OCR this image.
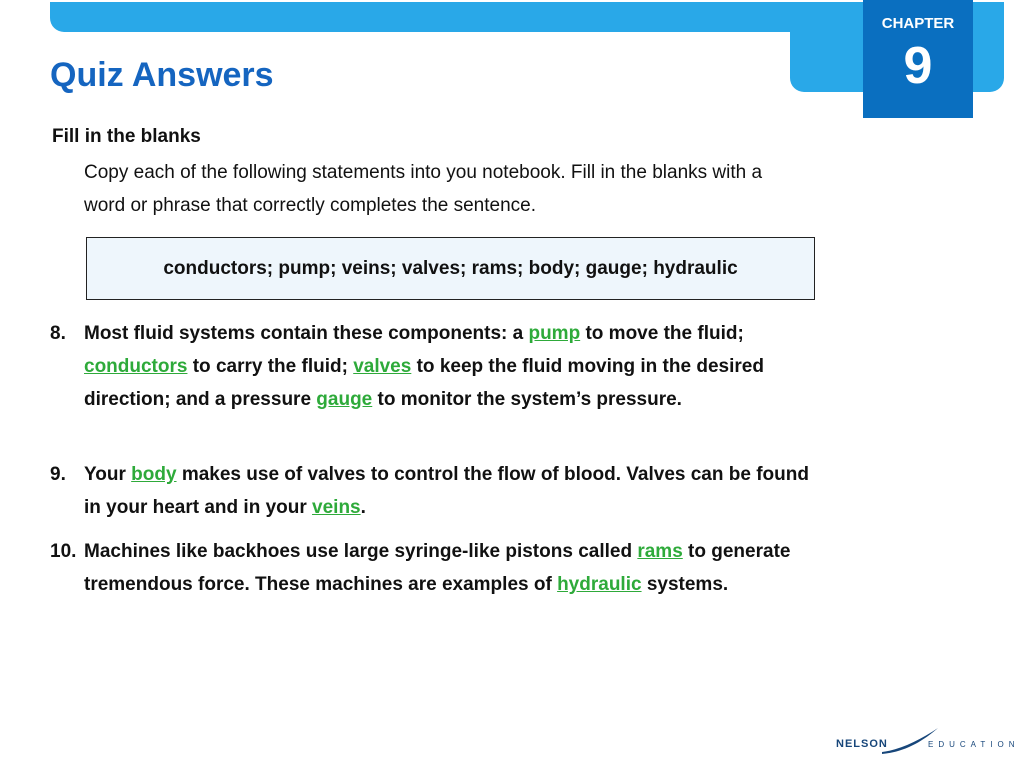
CHAPTER
9
Quiz Answers
Fill in the blanks
Copy each of the following statements into you notebook. Fill in the blanks with a word or phrase that correctly completes the sentence.
conductors; pump; veins; valves; rams; body; gauge; hydraulic
8. Most fluid systems contain these components: a pump to move the fluid; conductors to carry the fluid; valves to keep the fluid moving in the desired direction; and a pressure gauge to monitor the system’s pressure.
9. Your body makes use of valves to control the flow of blood. Valves can be found in your heart and in your veins.
10. Machines like backhoes use large syringe-like pistons called rams to generate tremendous force. These machines are examples of hydraulic systems.
NELSON	EDUCATION
